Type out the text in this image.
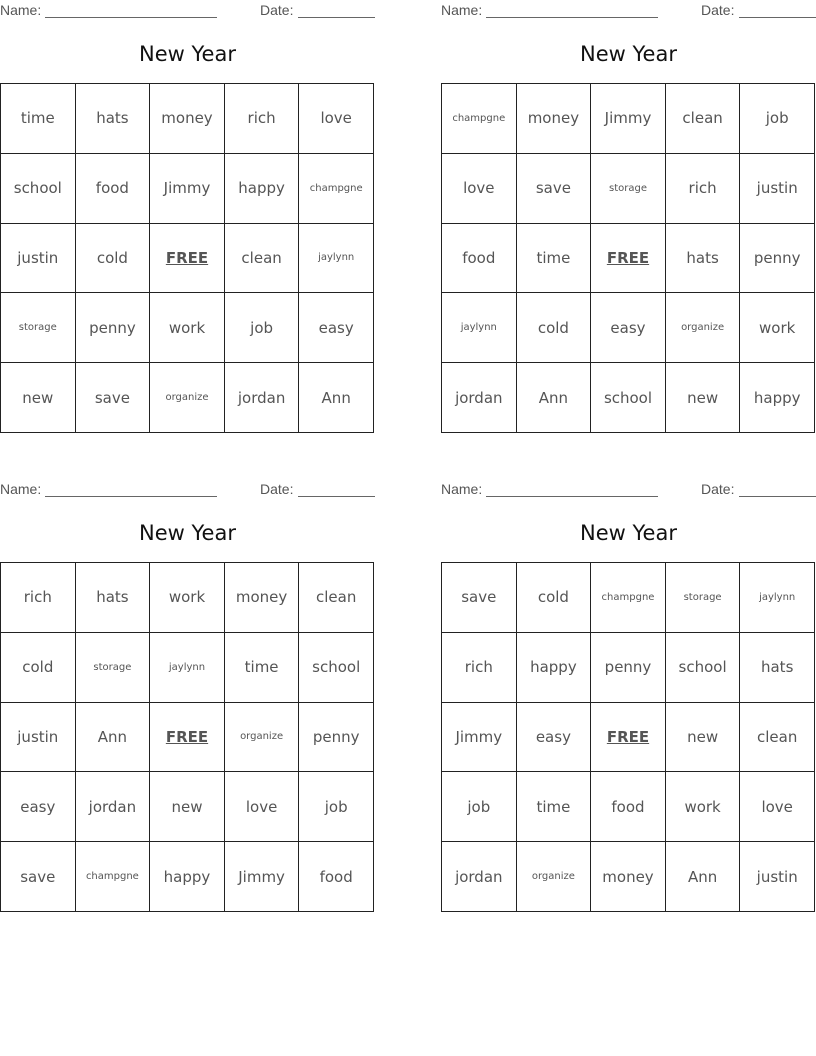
Name:	Date:
New Year
time	hats	money	rich	love
school	food	Jimmy	happy	champgne
justin	cold	FREE	clean	jaylynn
storage	penny	work	job	easy
new	save	organize	jordan	Ann
Name:	Date:
New Year
champgne	money	Jimmy	clean	job
love	save	storage	rich	justin
food	time	FREE	hats	penny
jaylynn	cold	easy	organize	work
jordan	Ann	school	new	happy
Name:	Date:
New Year
rich	hats	work	money	clean
cold	storage	jaylynn	time	school
justin	Ann	FREE	organize	penny
easy	jordan	new	love	job
save	champgne	happy	Jimmy	food
Name:	Date:
New Year
save	cold	champgne	storage	jaylynn
rich	happy	penny	school	hats
Jimmy	easy	FREE	new	clean
job	time	food	work	love
jordan	organize	money	Ann	justin
